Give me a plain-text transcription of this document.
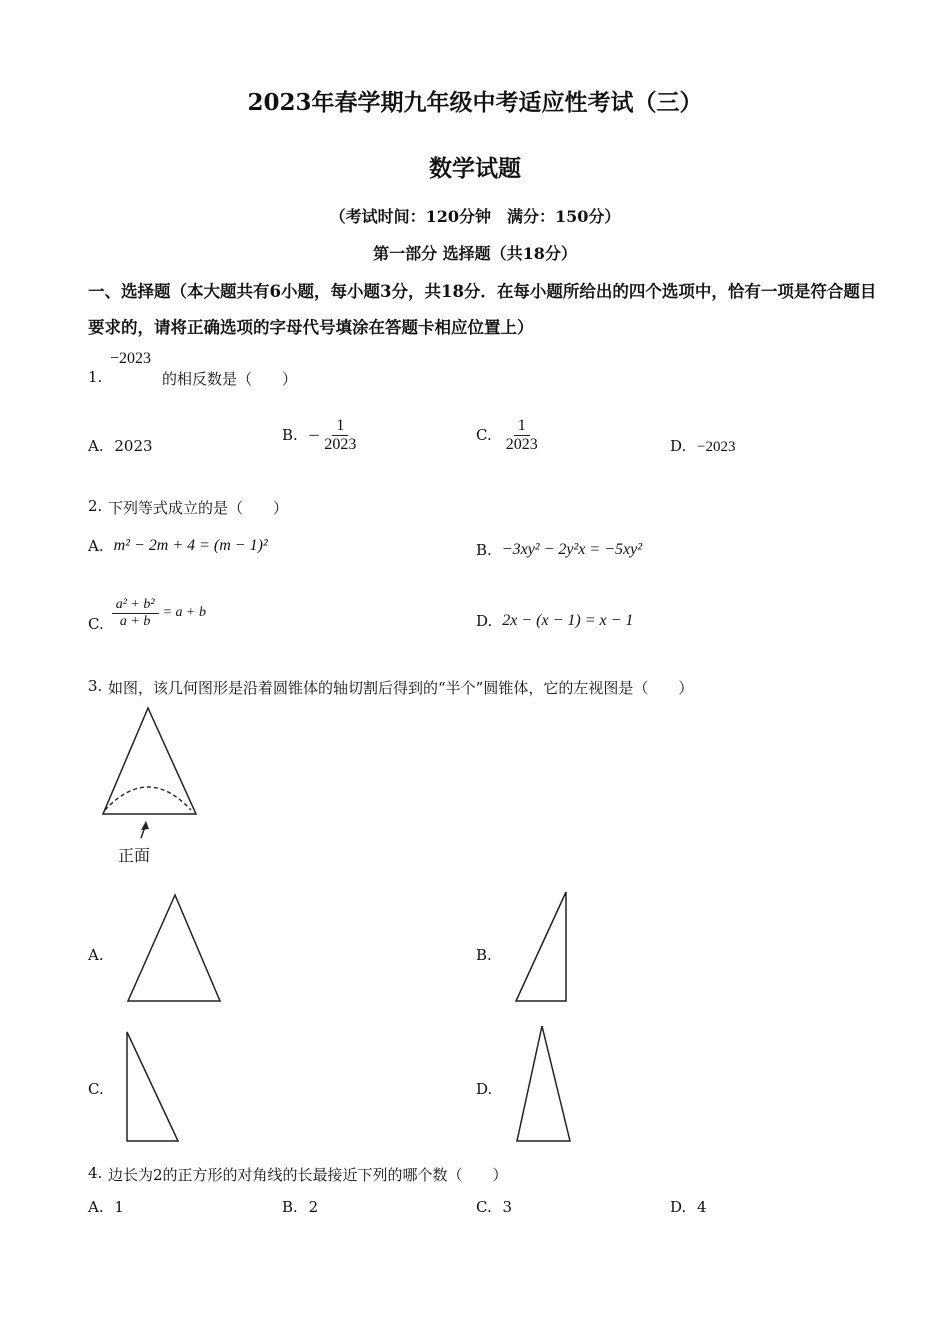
2023年春学期九年级中考适应性考试（三）
数学试题
（考试时间：120分钟　满分：150分）
第一部分 选择题（共18分）
一、选择题（本大题共有6小题，每小题3分，共18分．在每小题所给出的四个选项中，恰有一项是符合题目要求的，请将正确选项的字母代号填涂在答题卡相应位置上）
1.
−2023
的相反数是（　　）
A. 2023
B. − $\frac{1}{2023}$	C. $\frac{1}{2023}$	D. −2023
2. 下列等式成立的是（　　）
A. m² − 2m + 4 = (m − 1)²	B. −3xy² − 2y²x = −5xy²
C. $\frac{\text{a² + b²}}{a + b} = a + b$	D. 2x − (x − 1) = x − 1
3. 如图，该几何图形是沿着圆锥体的轴切割后得到的“半个”圆锥体，它的左视图是（　　）
正面
A.	B.
C.	D.
4. 边长为2的正方形的对角线的长最接近下列的哪个数（　　）
A. 1	B. 2	C. 3	D. 4
